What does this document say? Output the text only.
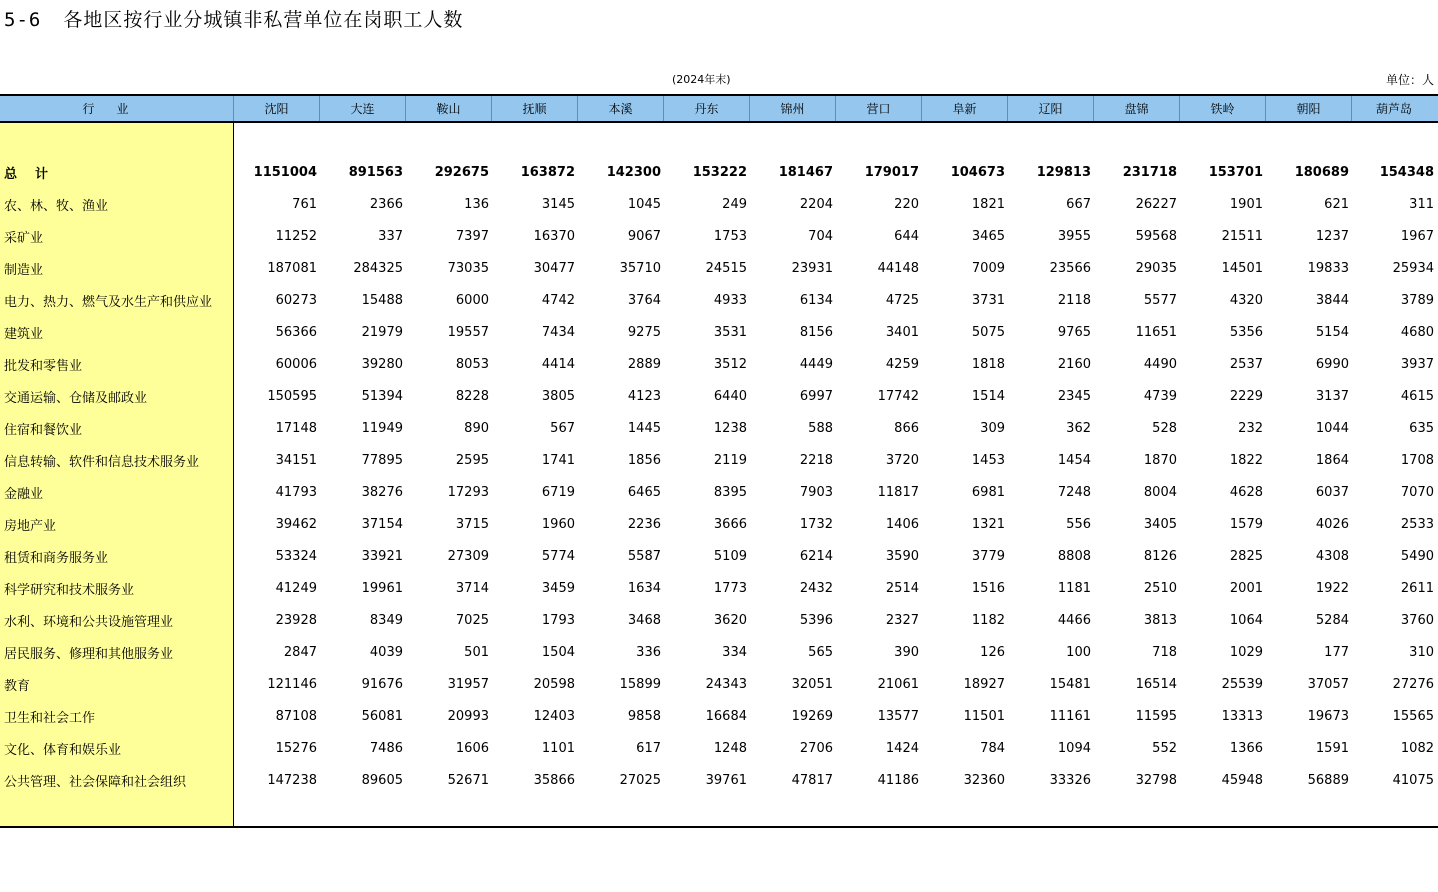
5-6 各地区按行业分城镇非私营单位在岗职工人数
(2024年末)	单位：人
行业	沈阳	大连	鞍山	抚顺	本溪	丹东	锦州	营口	阜新	辽阳	盘锦	铁岭	朝阳	葫芦岛
总计	1151004	891563	292675	163872	142300	153222	181467	179017	104673	129813	231718	153701	180689	154348
农、林、牧、渔业	761	2366	136	3145	1045	249	2204	220	1821	667	26227	1901	621	311
采矿业	11252	337	7397	16370	9067	1753	704	644	3465	3955	59568	21511	1237	1967
制造业	187081	284325	73035	30477	35710	24515	23931	44148	7009	23566	29035	14501	19833	25934
电力、热力、燃气及水生产和供应业	60273	15488	6000	4742	3764	4933	6134	4725	3731	2118	5577	4320	3844	3789
建筑业	56366	21979	19557	7434	9275	3531	8156	3401	5075	9765	11651	5356	5154	4680
批发和零售业	60006	39280	8053	4414	2889	3512	4449	4259	1818	2160	4490	2537	6990	3937
交通运输、仓储及邮政业	150595	51394	8228	3805	4123	6440	6997	17742	1514	2345	4739	2229	3137	4615
住宿和餐饮业	17148	11949	890	567	1445	1238	588	866	309	362	528	232	1044	635
信息转输、软件和信息技术服务业	34151	77895	2595	1741	1856	2119	2218	3720	1453	1454	1870	1822	1864	1708
金融业	41793	38276	17293	6719	6465	8395	7903	11817	6981	7248	8004	4628	6037	7070
房地产业	39462	37154	3715	1960	2236	3666	1732	1406	1321	556	3405	1579	4026	2533
租赁和商务服务业	53324	33921	27309	5774	5587	5109	6214	3590	3779	8808	8126	2825	4308	5490
科学研究和技术服务业	41249	19961	3714	3459	1634	1773	2432	2514	1516	1181	2510	2001	1922	2611
水利、环境和公共设施管理业	23928	8349	7025	1793	3468	3620	5396	2327	1182	4466	3813	1064	5284	3760
居民服务、修理和其他服务业	2847	4039	501	1504	336	334	565	390	126	100	718	1029	177	310
教育	121146	91676	31957	20598	15899	24343	32051	21061	18927	15481	16514	25539	37057	27276
卫生和社会工作	87108	56081	20993	12403	9858	16684	19269	13577	11501	11161	11595	13313	19673	15565
文化、体育和娱乐业	15276	7486	1606	1101	617	1248	2706	1424	784	1094	552	1366	1591	1082
公共管理、社会保障和社会组织	147238	89605	52671	35866	27025	39761	47817	41186	32360	33326	32798	45948	56889	41075
